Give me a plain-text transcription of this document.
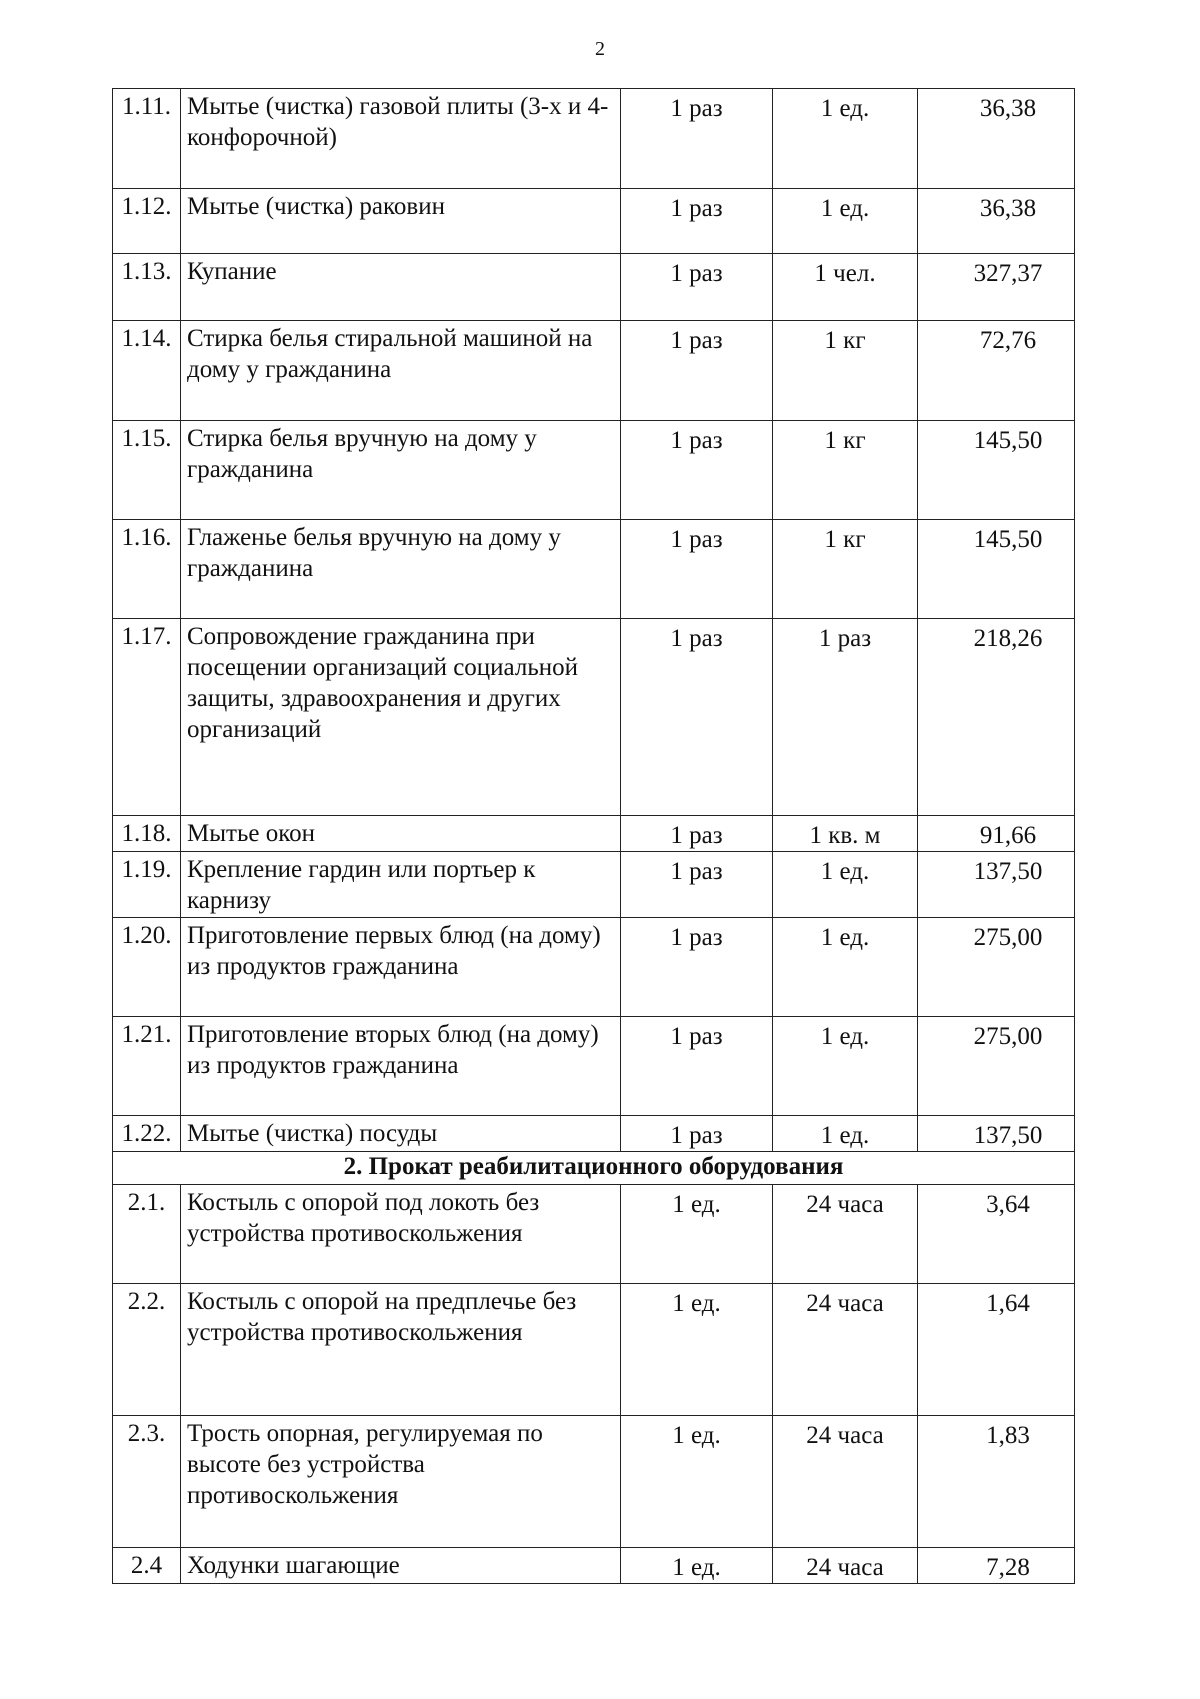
2
1.11.	Мытье (чистка) газовой плиты (3-х и 4-конфорочной)	1 раз	1 ед.	36,38
1.12.	Мытье (чистка) раковин	1 раз	1 ед.	36,38
1.13.	Купание	1 раз	1 чел.	327,37
1.14.	Стирка белья стиральной машиной на дому у гражданина	1 раз	1 кг	72,76
1.15.	Стирка белья вручную на дому у гражданина	1 раз	1 кг	145,50
1.16.	Глаженье белья вручную на дому у гражданина	1 раз	1 кг	145,50
1.17.	Сопровождение гражданина при посещении организаций социальной защиты, здравоохранения и других организаций	1 раз	1 раз	218,26
1.18.	Мытье окон	1 раз	1 кв. м	91,66
1.19.	Крепление гардин или портьер к карнизу	1 раз	1 ед.	137,50
1.20.	Приготовление первых блюд (на дому) из продуктов гражданина	1 раз	1 ед.	275,00
1.21.	Приготовление вторых блюд (на дому) из продуктов гражданина	1 раз	1 ед.	275,00
1.22.	Мытье (чистка) посуды	1 раз	1 ед.	137,50
2. Прокат реабилитационного оборудования				
2.1.	Костыль с опорой под локоть без устройства противоскольжения	1 ед.	24 часа	3,64
2.2.	Костыль с опорой на предплечье без устройства противоскольжения	1 ед.	24 часа	1,64
2.3.	Трость опорная, регулируемая по высоте без устройства противоскольжения	1 ед.	24 часа	1,83
2.4	Ходунки шагающие	1 ед.	24 часа	7,28
